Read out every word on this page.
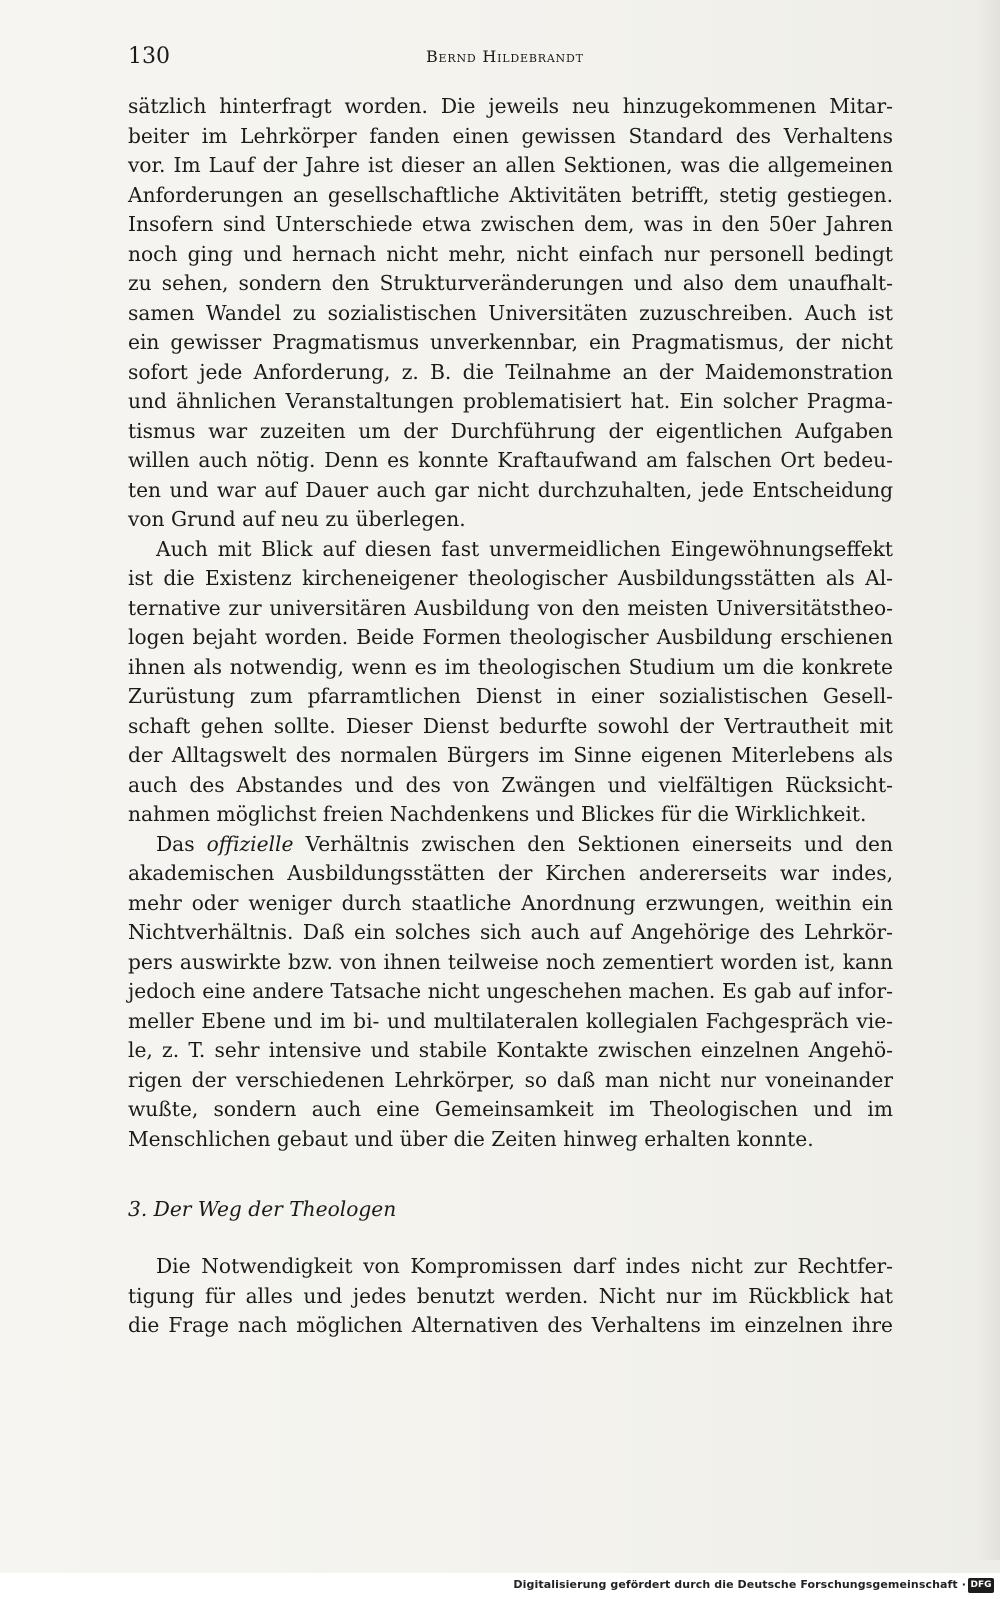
130	Bernd Hildebrandt

sätzlich hinterfragt worden. Die jeweils neu hinzugekommenen Mitar-

beiter im Lehrkörper fanden einen gewissen Standard des Verhaltens

vor. Im Lauf der Jahre ist dieser an allen Sektionen, was die allgemeinen

Anforderungen an gesellschaftliche Aktivitäten betrifft, stetig gestiegen.

Insofern sind Unterschiede etwa zwischen dem, was in den 50er Jahren

noch ging und hernach nicht mehr, nicht einfach nur personell bedingt

zu sehen, sondern den Strukturveränderungen und also dem unaufhalt-

samen Wandel zu sozialistischen Universitäten zuzuschreiben. Auch ist

ein gewisser Pragmatismus unverkennbar, ein Pragmatismus, der nicht

sofort jede Anforderung, z. B. die Teilnahme an der Maidemonstration

und ähnlichen Veranstaltungen problematisiert hat. Ein solcher Pragma-

tismus war zuzeiten um der Durchführung der eigentlichen Aufgaben

willen auch nötig. Denn es konnte Kraftaufwand am falschen Ort bedeu-

ten und war auf Dauer auch gar nicht durchzuhalten, jede Entscheidung

von Grund auf neu zu überlegen.

Auch mit Blick auf diesen fast unvermeidlichen Eingewöhnungseffekt

ist die Existenz kircheneigener theologischer Ausbildungsstätten als Al-

ternative zur universitären Ausbildung von den meisten Universitätstheo-

logen bejaht worden. Beide Formen theologischer Ausbildung erschienen

ihnen als notwendig, wenn es im theologischen Studium um die konkrete

Zurüstung zum pfarramtlichen Dienst in einer sozialistischen Gesell-

schaft gehen sollte. Dieser Dienst bedurfte sowohl der Vertrautheit mit

der Alltagswelt des normalen Bürgers im Sinne eigenen Miterlebens als

auch des Abstandes und des von Zwängen und vielfältigen Rücksicht-

nahmen möglichst freien Nachdenkens und Blickes für die Wirklichkeit.

Das offizielle Verhältnis zwischen den Sektionen einerseits und den

akademischen Ausbildungsstätten der Kirchen andererseits war indes,

mehr oder weniger durch staatliche Anordnung erzwungen, weithin ein

Nichtverhältnis. Daß ein solches sich auch auf Angehörige des Lehrkör-

pers auswirkte bzw. von ihnen teilweise noch zementiert worden ist, kann

jedoch eine andere Tatsache nicht ungeschehen machen. Es gab auf infor-

meller Ebene und im bi- und multilateralen kollegialen Fachgespräch vie-

le, z. T. sehr intensive und stabile Kontakte zwischen einzelnen Angehö-

rigen der verschiedenen Lehrkörper, so daß man nicht nur voneinander

wußte, sondern auch eine Gemeinsamkeit im Theologischen und im

Menschlichen gebaut und über die Zeiten hinweg erhalten konnte.

3. Der Weg der Theologen

Die Notwendigkeit von Kompromissen darf indes nicht zur Rechtfer-

tigung für alles und jedes benutzt werden. Nicht nur im Rückblick hat

die Frage nach möglichen Alternativen des Verhaltens im einzelnen ihre

Digitalisierung gefördert durch die Deutsche Forschungsgemeinschaft · DFG
